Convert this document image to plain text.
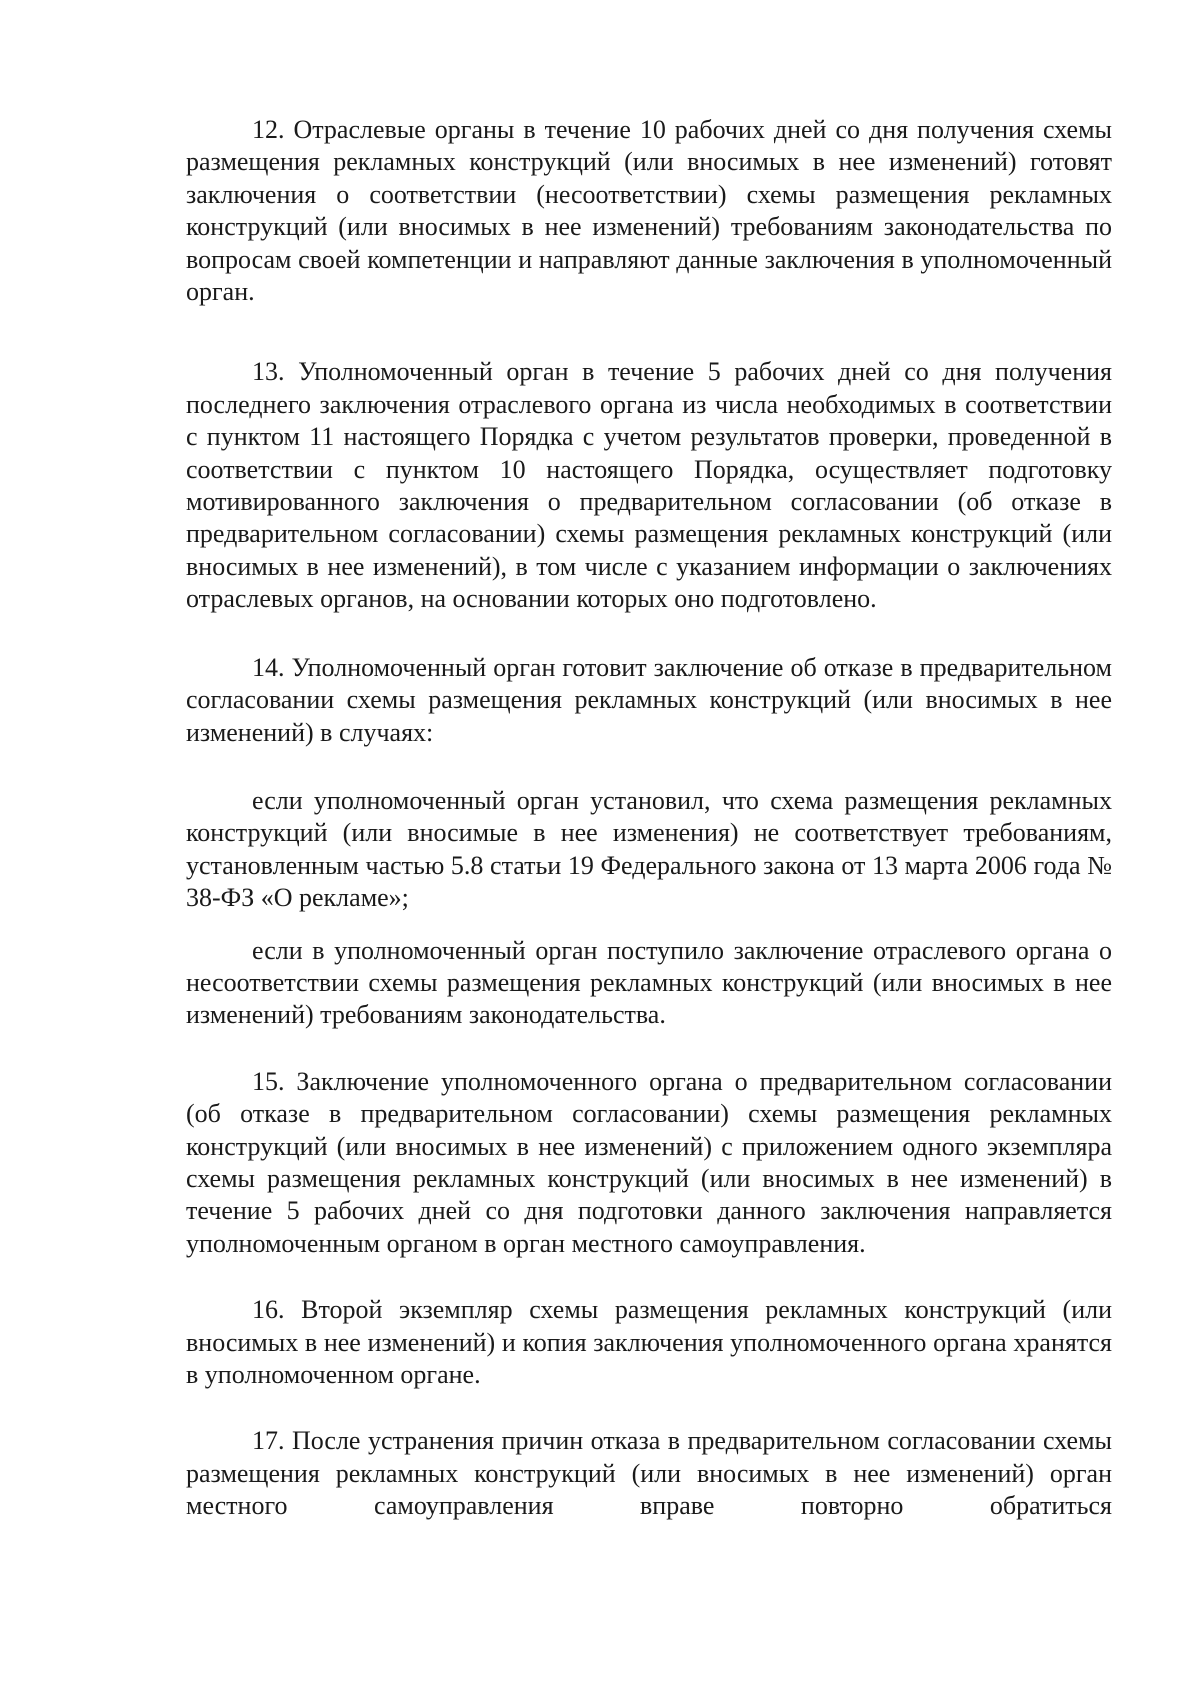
12. Отраслевые органы в течение 10 рабочих дней со дня получения схемы размещения рекламных конструкций (или вносимых в нее изменений) готовят заключения о соответствии (несоответствии) схемы размещения рекламных конструкций (или вносимых в нее изменений) требованиям законодательства по вопросам своей компетенции и направляют данные заключения в уполномоченный орган.

13. Уполномоченный орган в течение 5 рабочих дней со дня получения последнего заключения отраслевого органа из числа необходимых в соответствии с пунктом 11 настоящего Порядка с учетом результатов проверки, проведенной в соответствии с пунктом 10 настоящего Порядка, осуществляет подготовку мотивированного заключения о предварительном согласовании (об отказе в предварительном согласовании) схемы размещения рекламных конструкций (или вносимых в нее изменений), в том числе с указанием информации о заключениях отраслевых органов, на основании которых оно подготовлено.

14. Уполномоченный орган готовит заключение об отказе в предварительном согласовании схемы размещения рекламных конструкций (или вносимых в нее изменений) в случаях:

если уполномоченный орган установил, что схема размещения рекламных конструкций (или вносимые в нее изменения) не соответствует требованиям, установленным частью 5.8 статьи 19 Федерального закона от 13 марта 2006 года № 38-ФЗ «О рекламе»;

если в уполномоченный орган поступило заключение отраслевого органа о несоответствии схемы размещения рекламных конструкций (или вносимых в нее изменений) требованиям законодательства.

15. Заключение уполномоченного органа о предварительном согласовании (об отказе в предварительном согласовании) схемы размещения рекламных конструкций (или вносимых в нее изменений) с приложением одного экземпляра схемы размещения рекламных конструкций (или вносимых в нее изменений) в течение 5 рабочих дней со дня подготовки данного заключения направляется уполномоченным органом в орган местного самоуправления.

16. Второй экземпляр схемы размещения рекламных конструкций (или вносимых в нее изменений) и копия заключения уполномоченного органа хранятся в уполномоченном органе.

17. После устранения причин отказа в предварительном согласовании схемы размещения рекламных конструкций (или вносимых в нее изменений) орган местного самоуправления вправе повторно обратиться
